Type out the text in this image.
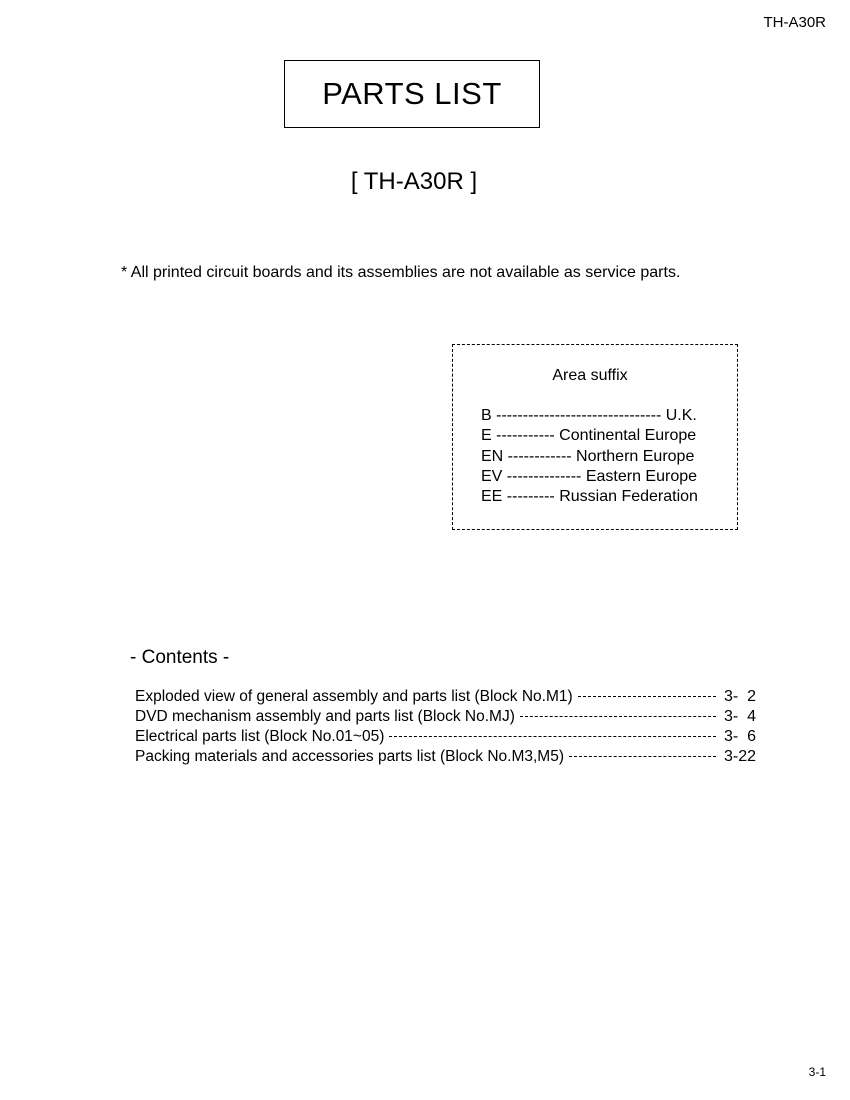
TH-A30R
PARTS LIST
[ TH-A30R ]
* All printed circuit boards and its assemblies are not available as service parts.
Area suffix
B ------------------------------- U.K.
E ----------- Continental Europe
EN ------------ Northern Europe
EV -------------- Eastern Europe
EE --------- Russian Federation
- Contents -
Exploded view of general assembly and parts list (Block No.M1)	3-  2
DVD mechanism assembly and parts list (Block No.MJ)	3-  4
Electrical parts list (Block No.01~05)	3-  6
Packing materials and accessories parts list (Block No.M3,M5)	3-22
3-1
